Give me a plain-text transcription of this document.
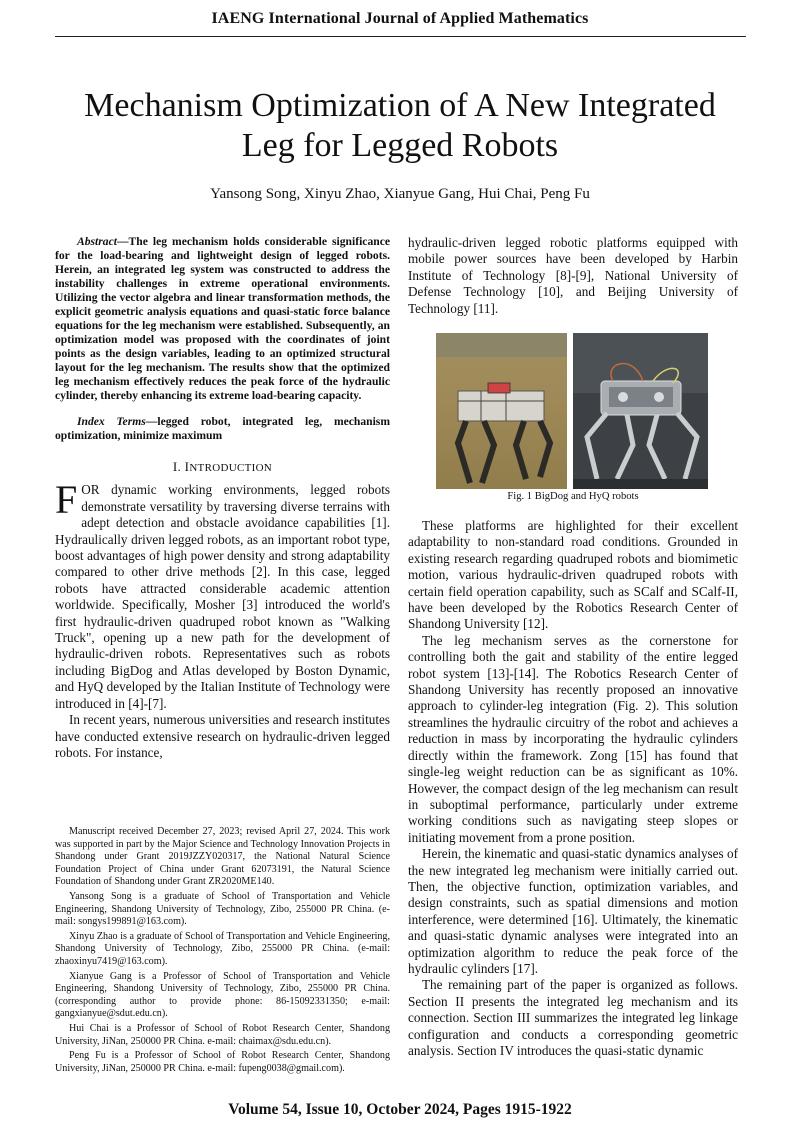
IAENG International Journal of Applied Mathematics
Mechanism Optimization of A New Integrated
Leg for Legged Robots
Yansong Song, Xinyu Zhao, Xianyue Gang, Hui Chai, Peng Fu

Abstract—The leg mechanism holds considerable significance for the load-bearing and lightweight design of legged robots. Herein, an integrated leg system was constructed to address the instability challenges in extreme operational environments. Utilizing the vector algebra and linear transformation methods, the explicit geometric analysis equations and quasi-static force balance equations for the leg mechanism were established. Subsequently, an optimization model was proposed with the coordinates of joint points as the design variables, leading to an optimized structural layout for the leg mechanism. The results show that the optimized leg mechanism effectively reduces the peak force of the hydraulic cylinder, thereby enhancing its extreme load-bearing capacity.

Index Terms—legged robot, integrated leg, mechanism optimization, minimize maximum

I. INTRODUCTION

FOR dynamic working environments, legged robots demonstrate versatility by traversing diverse terrains with adept detection and obstacle avoidance capabilities [1]. Hydraulically driven legged robots, as an important robot type, boost advantages of high power density and strong adaptability compared to other drive methods [2]. In this case, legged robots have attracted considerable academic attention worldwide. Specifically, Mosher [3] introduced the world's first hydraulic-driven quadruped robot known as "Walking Truck", opening up a new path for the development of hydraulic-driven robots. Representatives such as robots including BigDog and Atlas developed by Boston Dynamic, and HyQ developed by the Italian Institute of Technology were introduced in [4]-[7].

In recent years, numerous universities and research institutes have conducted extensive research on hydraulic-driven legged robots. For instance,

Manuscript received December 27, 2023; revised April 27, 2024. This work was supported in part by the Major Science and Technology Innovation Projects in Shandong under Grant 2019JZZY020317, the National Natural Science Foundation Project of China under Grant 62073191, the Natural Science Foundation of Shandong under Grant ZR2020ME140.

Yansong Song is a graduate of School of Transportation and Vehicle Engineering, Shandong University of Technology, Zibo, 255000 PR China. (e-mail: songys199891@163.com).

Xinyu Zhao is a graduate of School of Transportation and Vehicle Engineering, Shandong University of Technology, Zibo, 255000 PR China. (e-mail: zhaoxinyu7419@163.com).

Xianyue Gang is a Professor of School of Transportation and Vehicle Engineering, Shandong University of Technology, Zibo, 255000 PR China. (corresponding author to provide phone: 86-15092331350; e-mail: gangxianyue@sdut.edu.cn).

Hui Chai is a Professor of School of Robot Research Center, Shandong University, JiNan, 250000 PR China. e-mail: chaimax@sdu.edu.cn).

Peng Fu is a Professor of School of Robot Research Center, Shandong University, JiNan, 250000 PR China. e-mail: fupeng0038@gmail.com).

hydraulic-driven legged robotic platforms equipped with mobile power sources have been developed by Harbin Institute of Technology [8]-[9], National University of Defense Technology [10], and Beijing University of Technology [11].

Fig. 1 BigDog and HyQ robots

These platforms are highlighted for their excellent adaptability to non-standard road conditions. Grounded in existing research regarding quadruped robots and biomimetic motion, various hydraulic-driven quadruped robots with certain field operation capability, such as SCalf and SCalf-II, have been developed by the Robotics Research Center of Shandong University [12].

The leg mechanism serves as the cornerstone for controlling both the gait and stability of the entire legged robot system [13]-[14]. The Robotics Research Center of Shandong University has recently proposed an innovative approach to cylinder-leg integration (Fig. 2). This solution streamlines the hydraulic circuitry of the robot and achieves a reduction in mass by incorporating the hydraulic cylinders directly within the framework. Zong [15] has found that single-leg weight reduction can be as significant as 10%. However, the compact design of the leg mechanism can result in suboptimal performance, particularly under extreme working conditions such as navigating steep slopes or initiating movement from a prone position.

Herein, the kinematic and quasi-static dynamics analyses of the new integrated leg mechanism were initially carried out. Then, the objective function, optimization variables, and design constraints, such as spatial dimensions and motion interference, were determined [16]. Ultimately, the kinematic and quasi-static dynamic analyses were integrated into an optimization algorithm to reduce the peak force of the hydraulic cylinders [17].

The remaining part of the paper is organized as follows. Section II presents the integrated leg mechanism and its connection. Section III summarizes the integrated leg linkage configuration and conducts a corresponding geometric analysis. Section IV introduces the quasi-static dynamic

Volume 54, Issue 10, October 2024, Pages 1915-1922
